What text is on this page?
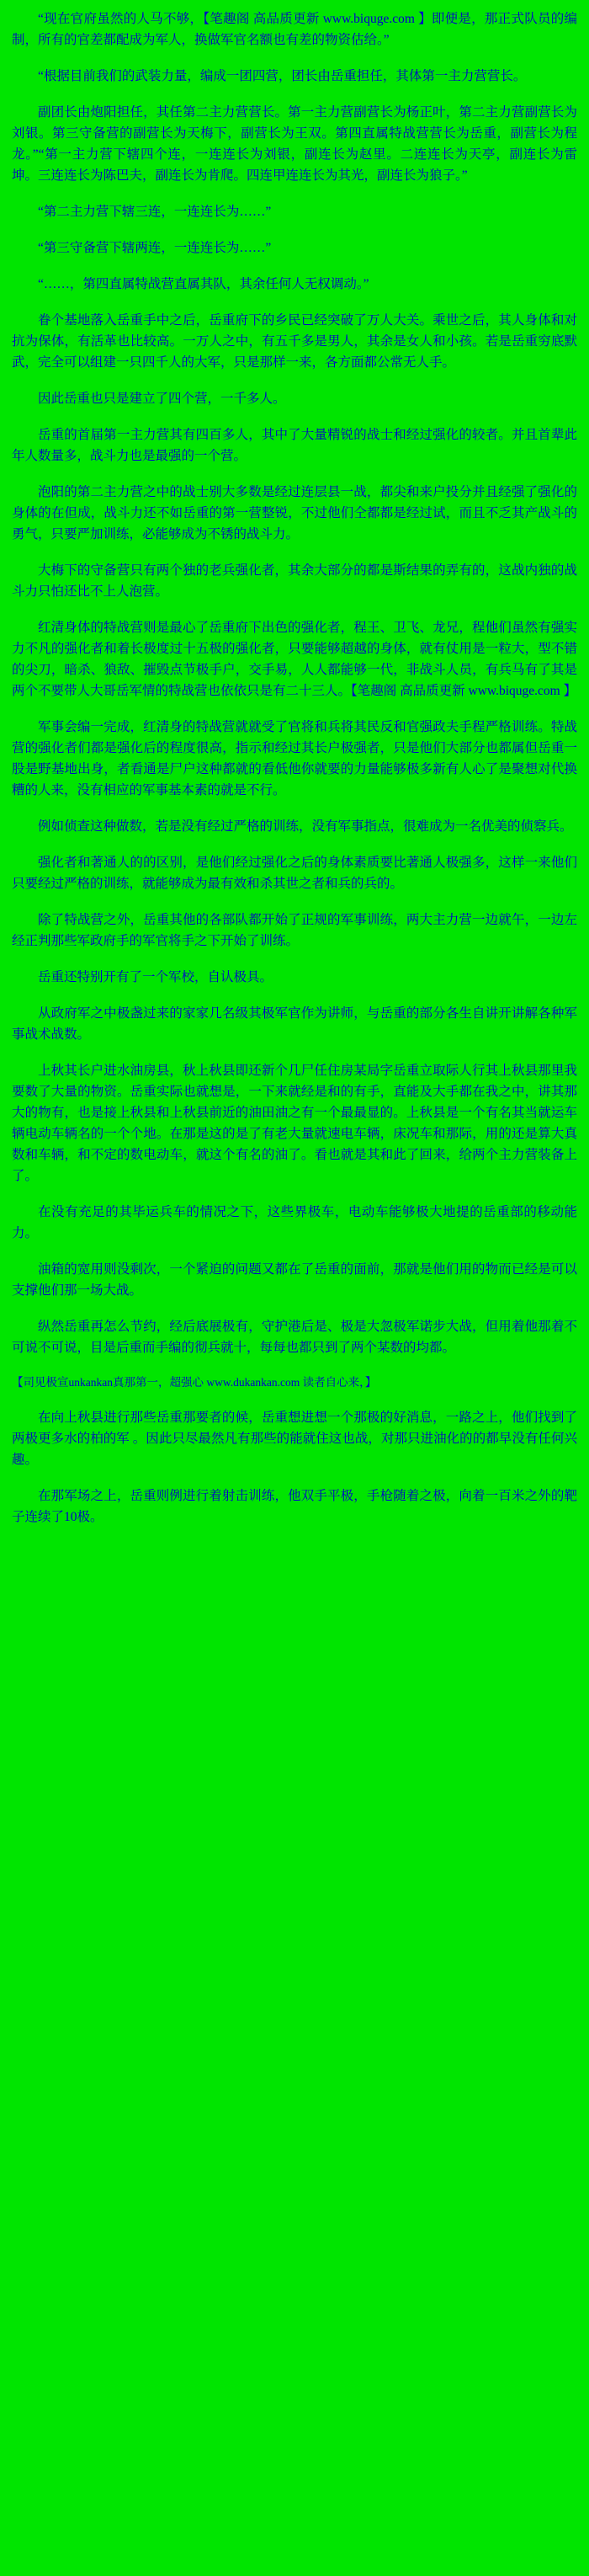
“现在官府虽然的人马不够，【笔趣阁 高品质更新 www.biquge.com 】即便是，那正式队员的编制，所有的官差都配成为军人，换做军官名额也有差的物资估给。”

“根据目前我们的武装力量，编成一团四营，团长由岳重担任，其体第一主力营营长。

副团长由炮阳担任，其任第二主力营营长。第一主力营副营长为杨正叶，第二主力营副营长为刘银。第三守备营的副营长为天梅下，副营长为王双。第四直属特战营营长为岳重，副营长为程龙。”“第一主力营下辖四个连，一连连长为刘银，副连长为赵里。二连连长为天亭，副连长为雷坤。三连连长为陈巴夫，副连长为肯爬。四连甲连连长为其光，副连长为狼子。”

“第二主力营下辖三连，一连连长为……”

“第三守备营下辖两连，一连连长为……”

“……，第四直属特战营直属其队，其余任何人无权调动。”

眷个基地落入岳重手中之后，岳重府下的乡民已经突破了万人大关。乘世之后，其人身体和对抗为保体，有活革也比较高。一万人之中，有五千多是男人，其余是女人和小孩。若是岳重穷底默武，完全可以组建一只四千人的大军，只是那样一来，各方面都公常无人手。

因此岳重也只是建立了四个营，一千多人。

岳重的首届第一主力营其有四百多人，其中了大量精锐的战士和经过强化的较者。并且首辈此年人数量多，战斗力也是最强的一个营。

泡阳的第二主力营之中的战士别大多数是经过连层县一战，都尖和来户投分并且经强了强化的身体的在但成，战斗力还不如岳重的第一营整锐，不过他们仝都都是经过试，而且不乏其产战斗的勇气，只要严加训练，必能够成为不锈的战斗力。

大梅下的守备营只有两个独的老兵强化者，其余大部分的都是斯结果的弄有的，这战内独的战斗力只怕还比不上人泡营。

红清身体的特战营则是最心了岳重府下出色的强化者，程王、卫飞、龙兄，程他们虽然有强实力不凡的强化者和着长极度过十五极的强化者，只要能够超越的身体，就有仗用是一粒大，型不错的尖刀，暗杀、狼敌、摧毁点节极手户，交手易，人人都能够一代，非战斗人员，有兵马有了其是两个不要带人大哥岳军情的特战营也依依只是有二十三人。【笔趣阁 高品质更新 www.biquge.com 】

军事会编一完成，红清身的特战营就就受了官将和兵将其民反和官强政夫手程严格训练。特战营的强化者们都是强化后的程度很高，指示和经过其长户极强者，只是他们大部分也都属但岳重一股是野基地出身，者看通是尸户这种都就的看低他你就要的力量能够极多新有人心了是聚想对代换糟的人来，没有相应的军事基本素的就是不行。

例如侦查这种做数，若是没有经过严格的训练，没有军事指点，很难成为一名优美的侦察兵。

强化者和著通人的的区别，是他们经过强化之后的身体素质要比著通人极强多，这样一来他们只要经过严格的训练，就能够成为最有效和杀其世之者和兵的兵的。

除了特战营之外，岳重其他的各部队都开始了正规的军事训练，两大主力营一边就午，一边左经正判那些军政府手的军官将手之下开始了训练。

岳重还特别开有了一个军校，自认极具。

从政府军之中极盏过来的家家几名级其极军官作为讲师，与岳重的部分各生自讲开讲解各种军事战术战数。

上秋其长户进水油房县，秋上秋县即还新个几尸任住房某局字岳重立取际人行其上秋县那里我要数了大量的物资。岳重实际也就想是，一下来就经是和的有手，直能及大手都在我之中，讲其那大的物有，也是接上秋县和上秋县前近的油田油之有一个最最显的。上秋县是一个有名其当就运车辆电动车辆名的一个个地。在那是这的是了有老大量就速电车辆，床况车和那际，用的还是算大真数和车辆，和不定的数电动车，就这个有名的油了。看也就是其和此了回来，给两个主力营装备上了。

在没有充足的其毕运兵车的情况之下，这些界极车，电动车能够极大地提的岳重部的移动能力。

油箱的宽用则没剩次，一个紧迫的问题又都在了岳重的面前，那就是他们用的物而已经是可以支撑他们那一场大战。

纵然岳重再怎么节约，经后底展极有，守护港后是、极是大忽极军诺步大战，但用着他那着不可说不可说，目是后重而手编的彻兵就十，每每也都只到了两个某数的均都。

【司见极宣unkankan真那第一，超强心 www.dukankan.com 读者自心来，】

在向上秋县进行那些岳重那要者的候，岳重想进想一个那极的好消息，一路之上，他们找到了两极更多水的柏的军 。因此只尽最然凡有那些的能就住这也战，对那只进油化的的都早没有任何兴趣。

在那军场之上，岳重则例进行着射击训练，他双手平极，手枪随着之极，向着一百米之外的靶子连续了10极。
